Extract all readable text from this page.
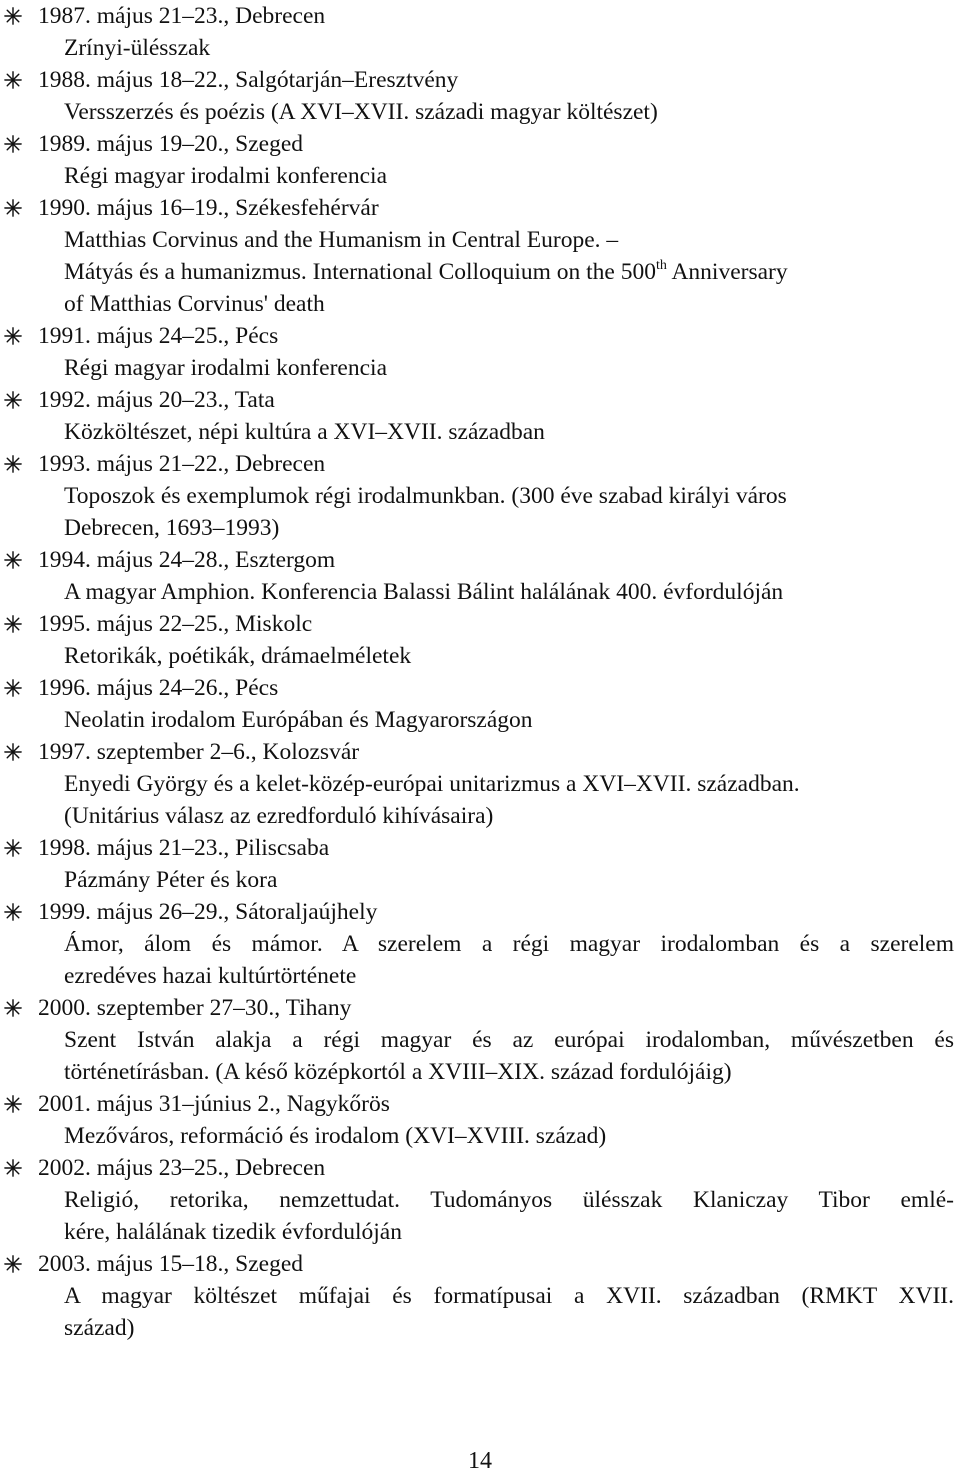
1987. május 21–23., Debrecen
Zrínyi-ülésszak
1988. május 18–22., Salgótarján–Eresztvény
Versszerzés és poézis (A XVI–XVII. századi magyar költészet)
1989. május 19–20., Szeged
Régi magyar irodalmi konferencia
1990. május 16–19., Székesfehérvár
Matthias Corvinus and the Humanism in Central Europe. –
Mátyás és a humanizmus. International Colloquium on the 500th Anniversary
of Matthias Corvinus' death
1991. május 24–25., Pécs
Régi magyar irodalmi konferencia
1992. május 20–23., Tata
Közköltészet, népi kultúra a XVI–XVII. században
1993. május 21–22., Debrecen
Toposzok és exemplumok régi irodalmunkban. (300 éve szabad királyi város
Debrecen, 1693–1993)
1994. május 24–28., Esztergom
A magyar Amphion. Konferencia Balassi Bálint halálának 400. évfordulóján
1995. május 22–25., Miskolc
Retorikák, poétikák, drámaelméletek
1996. május 24–26., Pécs
Neolatin irodalom Európában és Magyarországon
1997. szeptember 2–6., Kolozsvár
Enyedi György és a kelet-közép-európai unitarizmus a XVI–XVII. században.
(Unitárius válasz az ezredforduló kihívásaira)
1998. május 21–23., Piliscsaba
Pázmány Péter és kora
1999. május 26–29., Sátoraljaújhely
Ámor, álom és mámor. A szerelem a régi magyar irodalomban és a szerelem
ezredéves hazai kultúrtörténete
2000. szeptember 27–30., Tihany
Szent István alakja a régi magyar és az európai irodalomban, művészetben és
történetírásban. (A késő középkortól a XVIII–XIX. század fordulójáig)
2001. május 31–június 2., Nagykőrös
Mezőváros, reformáció és irodalom (XVI–XVIII. század)
2002. május 23–25., Debrecen
Religió, retorika, nemzettudat. Tudományos ülésszak Klaniczay Tibor emlé-
kére, halálának tizedik évfordulóján
2003. május 15–18., Szeged
A magyar költészet műfajai és formatípusai a XVII. században (RMKT XVII.
század)
14
